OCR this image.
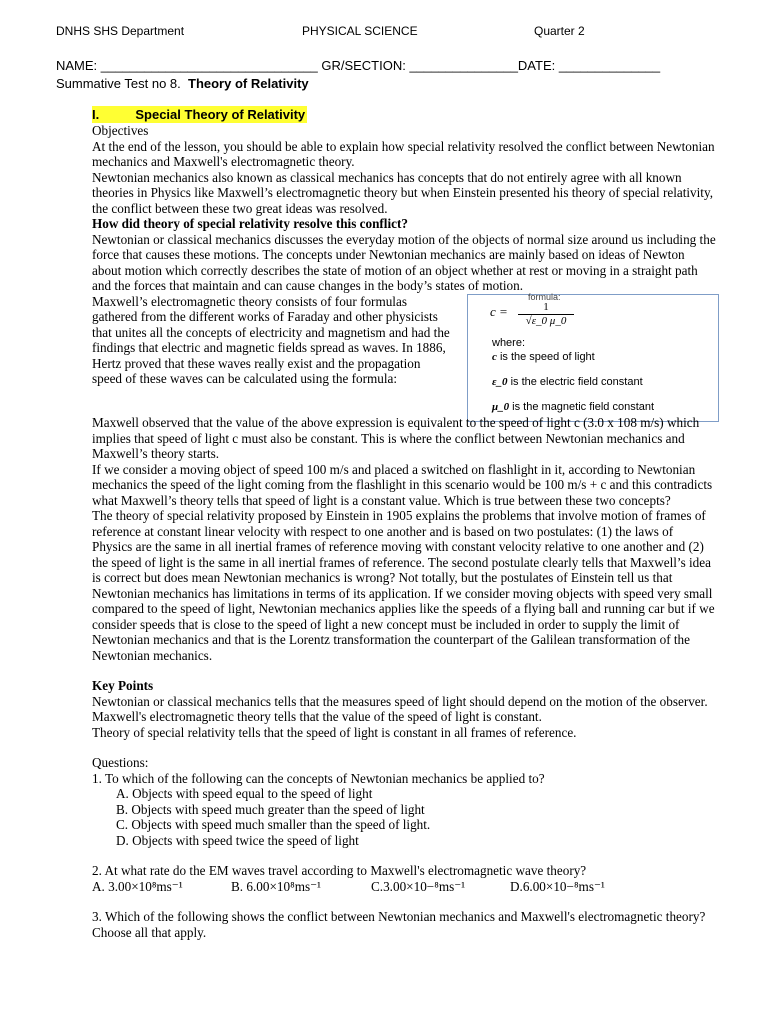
DNHS SHS Department	PHYSICAL SCIENCE	Quarter 2
NAME: ______________________________ GR/SECTION: _______________DATE: ______________
Summative Test no 8. Theory of Relativity
I.	Special Theory of Relativity

Objectives

At the end of the lesson, you should be able to explain how special relativity resolved the conflict between Newtonian mechanics and Maxwell's electromagnetic theory.

Newtonian mechanics also known as classical mechanics has concepts that do not entirely agree with all known theories in Physics like Maxwell’s electromagnetic theory but when Einstein presented his theory of special relativity, the conflict between these two great ideas was resolved.

How did theory of special relativity resolve this conflict?

Newtonian or classical mechanics discusses the everyday motion of the objects of normal size around us including the force that causes these motions. The concepts under Newtonian mechanics are mainly based on ideas of Newton about motion which correctly describes the state of motion of an object whether at rest or moving in a straight path and the forces that maintain and can cause changes in the body’s states of motion.

Maxwell’s electromagnetic theory consists of four formulas gathered from the different works of Faraday and other physicists that unites all the concepts of electricity and magnetism and had the findings that electric and magnetic fields spread as waves. In 1886, Hertz proved that these waves really exist and the propagation speed of these waves can be calculated using the formula:

formula:
$c = \frac{1}{√\varepsilon\_0 \mu\_0}$
where:
c is the speed of light
ε_0 is the electric field constant
μ_0 is the magnetic field constant

Maxwell observed that the value of the above expression is equivalent to the speed of light c (3.0 x 108 m/s) which implies that speed of light c must also be constant. This is where the conflict between Newtonian mechanics and Maxwell’s theory starts.

If we consider a moving object of speed 100 m/s and placed a switched on flashlight in it, according to Newtonian mechanics the speed of the light coming from the flashlight in this scenario would be 100 m/s + c and this contradicts what Maxwell’s theory tells that speed of light is a constant value. Which is true between these two concepts?

The theory of special relativity proposed by Einstein in 1905 explains the problems that involve motion of frames of reference at constant linear velocity with respect to one another and is based on two postulates: (1) the laws of Physics are the same in all inertial frames of reference moving with constant velocity relative to one another and (2) the speed of light is the same in all inertial frames of reference. The second postulate clearly tells that Maxwell’s idea is correct but does mean Newtonian mechanics is wrong? Not totally, but the postulates of Einstein tell us that Newtonian mechanics has limitations in terms of its application. If we consider moving objects with speed very small compared to the speed of light, Newtonian mechanics applies like the speeds of a flying ball and running car but if we consider speeds that is close to the speed of light a new concept must be included in order to supply the limit of Newtonian mechanics and that is the Lorentz transformation the counterpart of the Galilean transformation of the Newtonian mechanics.

Key Points

Newtonian or classical mechanics tells that the measures speed of light should depend on the motion of the observer.

Maxwell's electromagnetic theory tells that the value of the speed of light is constant.

Theory of special relativity tells that the speed of light is constant in all frames of reference.

Questions:

1. To which of the following can the concepts of Newtonian mechanics be applied to?

A. Objects with speed equal to the speed of light

B. Objects with speed much greater than the speed of light

C. Objects with speed much smaller than the speed of light.

D. Objects with speed twice the speed of light

2. At what rate do the EM waves travel according to Maxwell's electromagnetic wave theory?

A. 3.00×10⁸ms⁻¹	B. 6.00×10⁸ms⁻¹	C.3.00×10−⁸ms⁻¹	D.6.00×10−⁸ms⁻¹

3. Which of the following shows the conflict between Newtonian mechanics and Maxwell's electromagnetic theory? Choose all that apply.
